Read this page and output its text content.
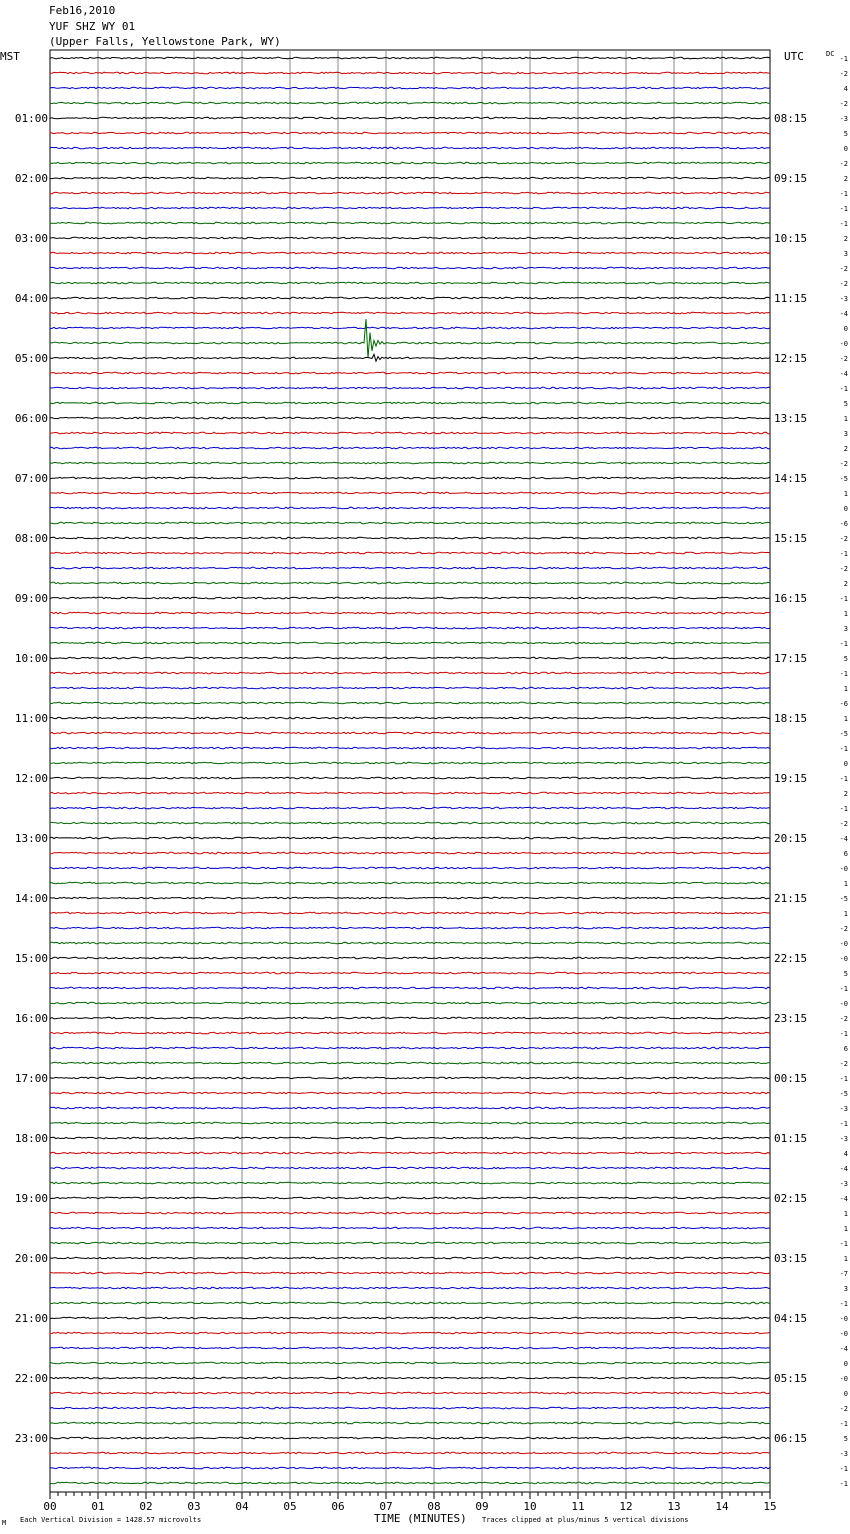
Feb16,2010
YUF SHZ WY 01
(Upper Falls, Yellowstone Park, WY)
MST	UTC	DC
-1
-2
4
-2
-3
5
0
-2
2
-1
-1
-1
2
3
-2
-2
-3
-4
0
-0
-2
-4
-1
5
1
3
2
-2
-5
1
0
-6
-2
-1
-2
2
-1
1
3
-1
5
-1
1
-6
1
-5
-1
0
-1
2
-1
-2
-4
6
-0
1
-5
1
-2
-0
-0
5
-1
-0
-2
-1
6
-2
-1
-5
-3
-1
-3
4
-4
-3
-4
1
1
-1
1
-7
3
-1
-0
-0
-4
0
-0
0
-2
-1
5
-3
-1
-1
01:00
02:00
03:00
04:00
05:00
06:00
07:00
08:00
09:00
10:00
11:00
12:00
13:00
14:00
15:00
16:00
17:00
18:00
19:00
20:00
21:00
22:00
23:00
08:15
09:15
10:15
11:15
12:15
13:15
14:15
15:15
16:15
17:15
18:15
19:15
20:15
21:15
22:15
23:15
00:15
01:15
02:15
03:15
04:15
05:15
06:15
00	01	02	03	04	05	06	07	08	09	10	11	12	13	14	15
M Each Vertical Division = 1428.57 microvolts	TIME (MINUTES) Traces clipped at plus/minus 5 vertical divisions
